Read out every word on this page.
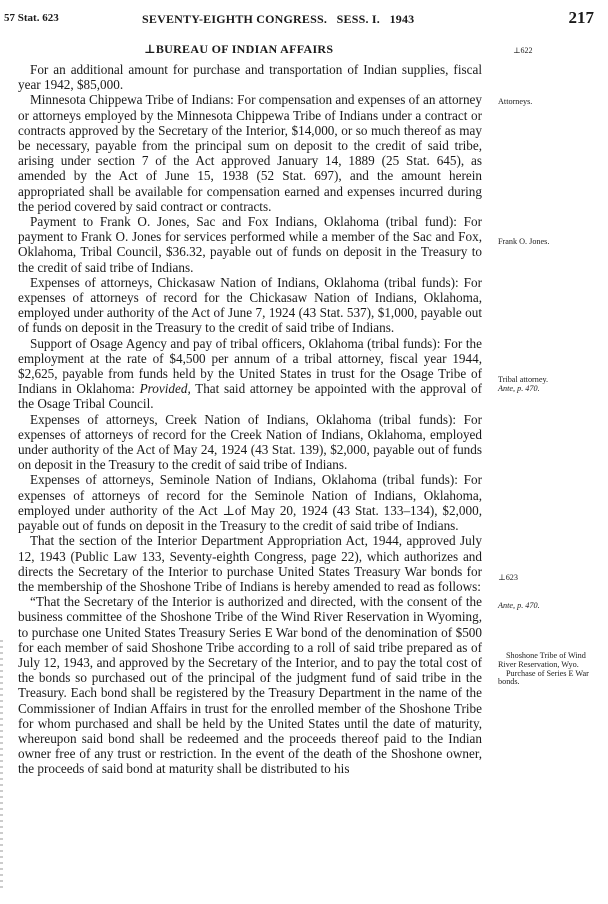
57 Stat. 623	SEVENTY-EIGHTH CONGRESS.   SESS. I.   1943	217
⊥BUREAU OF INDIAN AFFAIRS	⊥622

For an additional amount for purchase and transportation of Indian supplies, fiscal year 1942, $85,000.

Minnesota Chippewa Tribe of Indians: For compensation and expenses of an attorney or attorneys employed by the Minnesota Chippewa Tribe of Indians under a contract or contracts approved by the Secretary of the Interior, $14,000, or so much thereof as may be necessary, payable from the principal sum on deposit to the credit of said tribe, arising under section 7 of the Act approved January 14, 1889 (25 Stat. 645), as amended by the Act of June 15, 1938 (52 Stat. 697), and the amount herein appropriated shall be available for compensation earned and expenses incurred during the period covered by said contract or contracts.

Payment to Frank O. Jones, Sac and Fox Indians, Oklahoma (tribal fund): For payment to Frank O. Jones for services performed while a member of the Sac and Fox, Oklahoma, Tribal Council, $36.32, payable out of funds on deposit in the Treasury to the credit of said tribe of Indians.

Expenses of attorneys, Chickasaw Nation of Indians, Oklahoma (tribal funds): For expenses of attorneys of record for the Chickasaw Nation of Indians, Oklahoma, employed under authority of the Act of June 7, 1924 (43 Stat. 537), $1,000, payable out of funds on deposit in the Treasury to the credit of said tribe of Indians.

Support of Osage Agency and pay of tribal officers, Oklahoma (tribal funds): For the employment at the rate of $4,500 per annum of a tribal attorney, fiscal year 1944, $2,625, payable from funds held by the United States in trust for the Osage Tribe of Indians in Oklahoma: Provided, That said attorney be appointed with the approval of the Osage Tribal Council.

Expenses of attorneys, Creek Nation of Indians, Oklahoma (tribal funds): For expenses of attorneys of record for the Creek Nation of Indians, Oklahoma, employed under authority of the Act of May 24, 1924 (43 Stat. 139), $2,000, payable out of funds on deposit in the Treasury to the credit of said tribe of Indians.

Expenses of attorneys, Seminole Nation of Indians, Oklahoma (tribal funds): For expenses of attorneys of record for the Seminole Nation of Indians, Oklahoma, employed under authority of the Act ⊥of May 20, 1924 (43 Stat. 133–134), $2,000, payable out of funds on deposit in the Treasury to the credit of said tribe of Indians.

That the section of the Interior Department Appropriation Act, 1944, approved July 12, 1943 (Public Law 133, Seventy-eighth Congress, page 22), which authorizes and directs the Secretary of the Interior to purchase United States Treasury War bonds for the membership of the Shoshone Tribe of Indians is hereby amended to read as follows:

“That the Secretary of the Interior is authorized and directed, with the consent of the business committee of the Shoshone Tribe of the Wind River Reservation in Wyoming, to purchase one United States Treasury Series E War bond of the denomination of $500 for each member of said Shoshone Tribe according to a roll of said tribe prepared as of July 12, 1943, and approved by the Secretary of the Interior, and to pay the total cost of the bonds so purchased out of the principal of the judgment fund of said tribe in the Treasury. Each bond shall be registered by the Treasury Department in the name of the Commissioner of Indian Affairs in trust for the enrolled member of the Shoshone Tribe for whom purchased and shall be held by the United States until the date of maturity, whereupon said bond shall be redeemed and the proceeds thereof paid to the Indian owner free of any trust or restriction. In the event of the death of the Shoshone owner, the proceeds of said bond at maturity shall be distributed to his

Attorneys.
Frank O. Jones.
Tribal attorney.
Ante, p. 470.
⊥623
Ante, p. 470.
Shoshone Tribe of Wind River Reservation, Wyo.
Purchase of Series E War bonds.
